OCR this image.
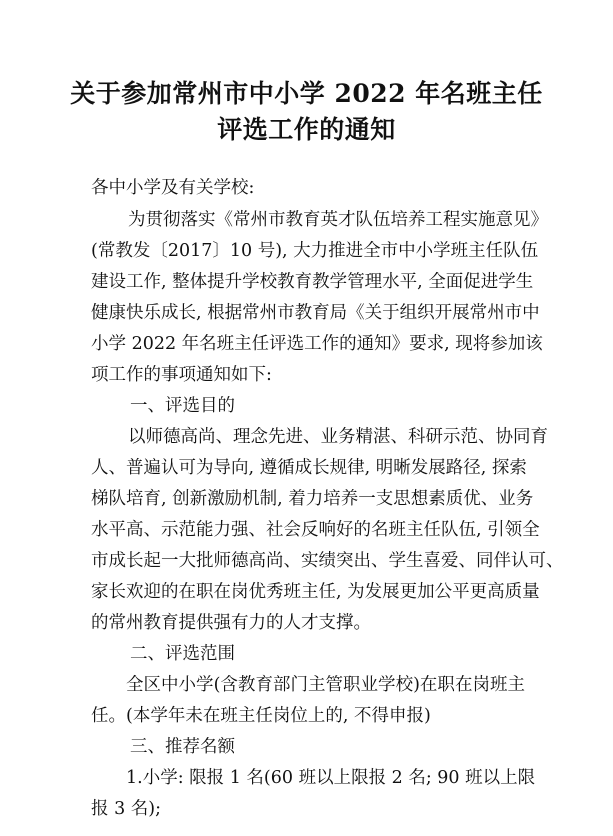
关于参加常州市中小学 2022 年名班主任
评选工作的通知
各中小学及有关学校:
为贯彻落实《常州市教育英才队伍培养工程实施意见》
(常教发〔2017〕10 号), 大力推进全市中小学班主任队伍
建设工作, 整体提升学校教育教学管理水平, 全面促进学生
健康快乐成长, 根据常州市教育局《关于组织开展常州市中
小学 2022 年名班主任评选工作的通知》要求, 现将参加该
项工作的事项通知如下:
一、评选目的
以师德高尚、理念先进、业务精湛、科研示范、协同育
人、普遍认可为导向, 遵循成长规律, 明晰发展路径, 探索
梯队培育, 创新激励机制, 着力培养一支思想素质优、业务
水平高、示范能力强、社会反响好的名班主任队伍, 引领全
市成长起一大批师德高尚、实绩突出、学生喜爱、同伴认可、
家长欢迎的在职在岗优秀班主任, 为发展更加公平更高质量
的常州教育提供强有力的人才支撑。
二、评选范围
全区中小学(含教育部门主管职业学校)在职在岗班主
任。(本学年未在班主任岗位上的, 不得申报)
三、推荐名额
1.小学: 限报 1 名(60 班以上限报 2 名; 90 班以上限
报 3 名);
